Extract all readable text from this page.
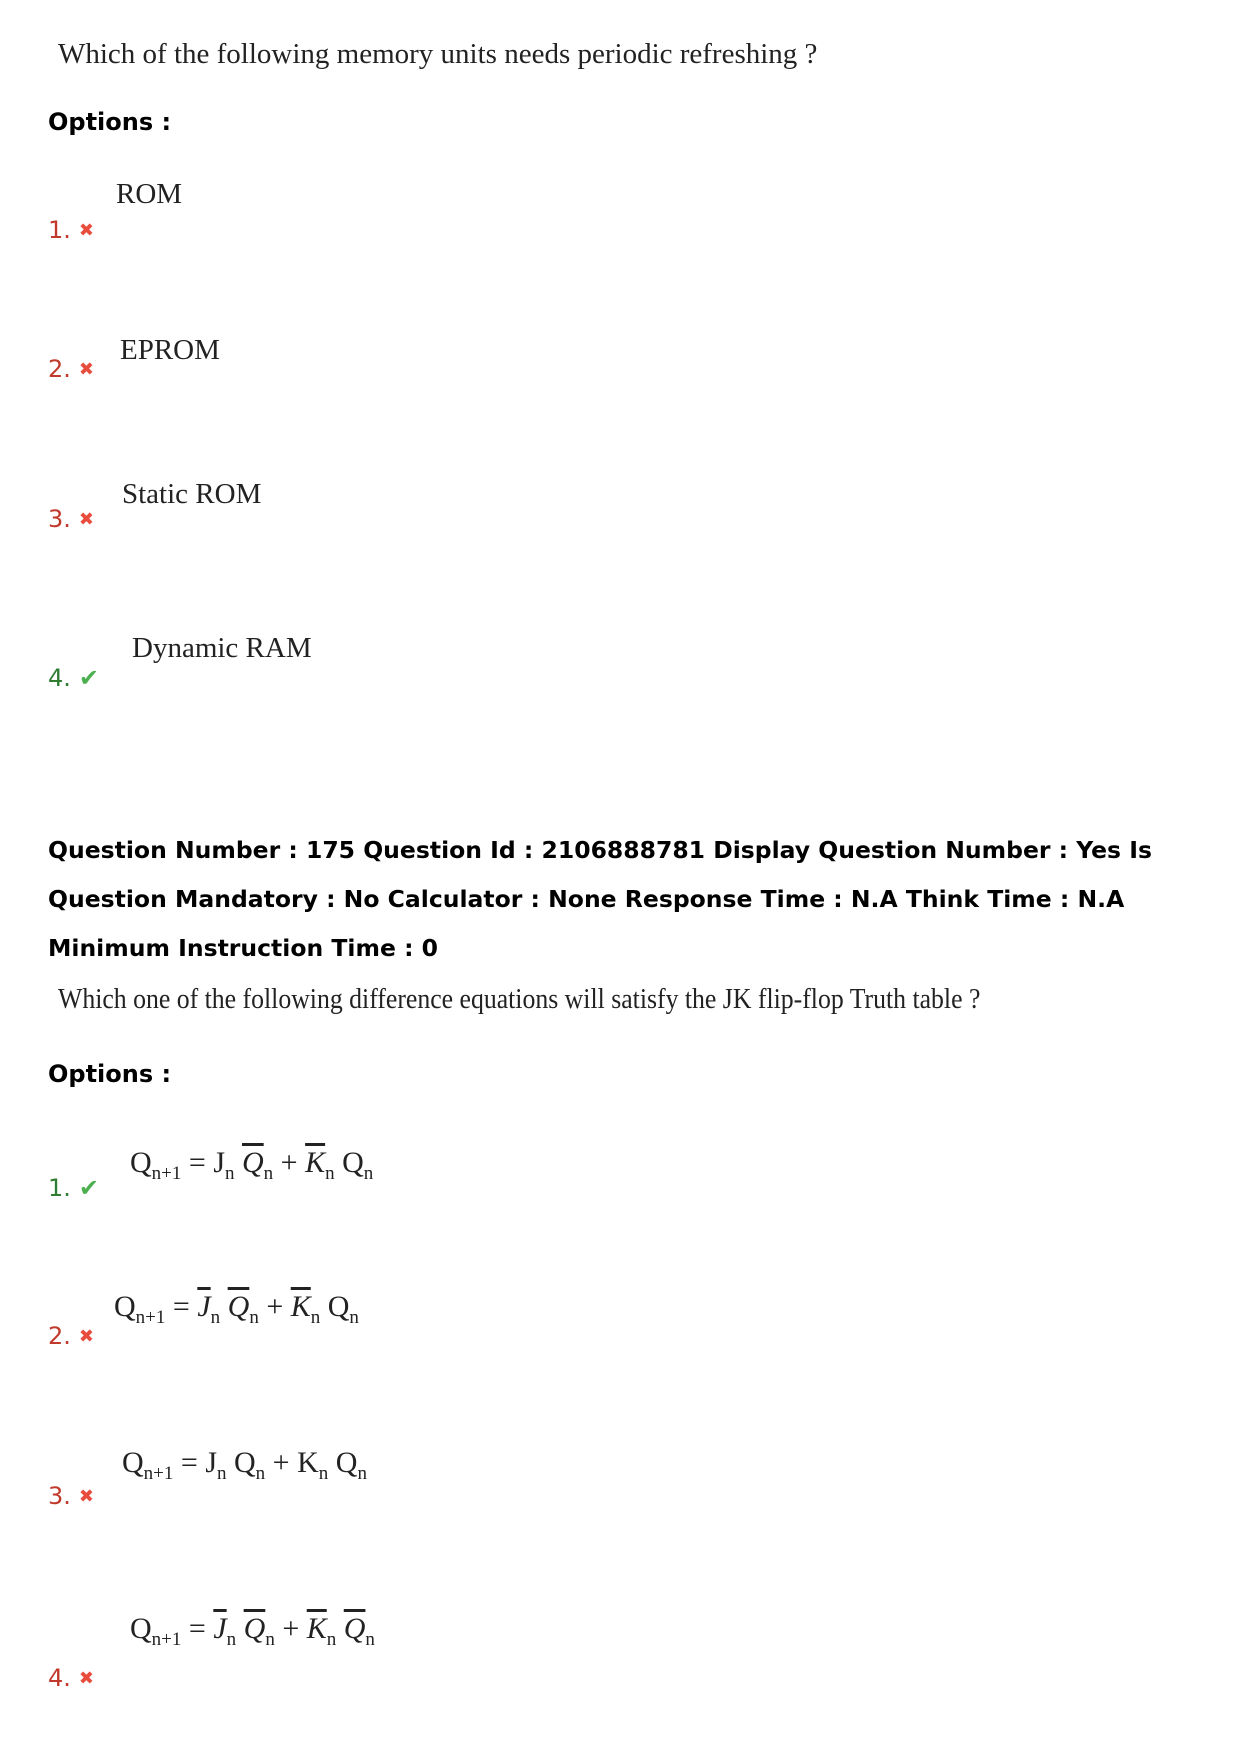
Which of the following memory units needs periodic refreshing ?
Options :
ROM
1. ✖
EPROM
2. ✖
Static ROM
3. ✖
Dynamic RAM
4. ✔
Question Number : 175 Question Id : 2106888781 Display Question Number : Yes Is Question Mandatory : No Calculator : None Response Time : N.A Think Time : N.A Minimum Instruction Time : 0
Which one of the following difference equations will satisfy the JK flip-flop Truth table ?
Options :
$Q_{n+1} = J_n$ $\overline{Q}_n + \overline{K}_n$ $Q_n$
1. ✔
$Q_{n+1} = \overline{J}_n$ $\overline{Q}_n + \overline{K}_n$ $Q_n$
2. ✖
$Q_{n+1} = J_n$ $Q_n + K_n$ $Q_n$
3. ✖
$Q_{n+1} = \overline{J}_n$ $\overline{Q}_n + \overline{K}_n$ $\overline{Q}_n$
4. ✖
